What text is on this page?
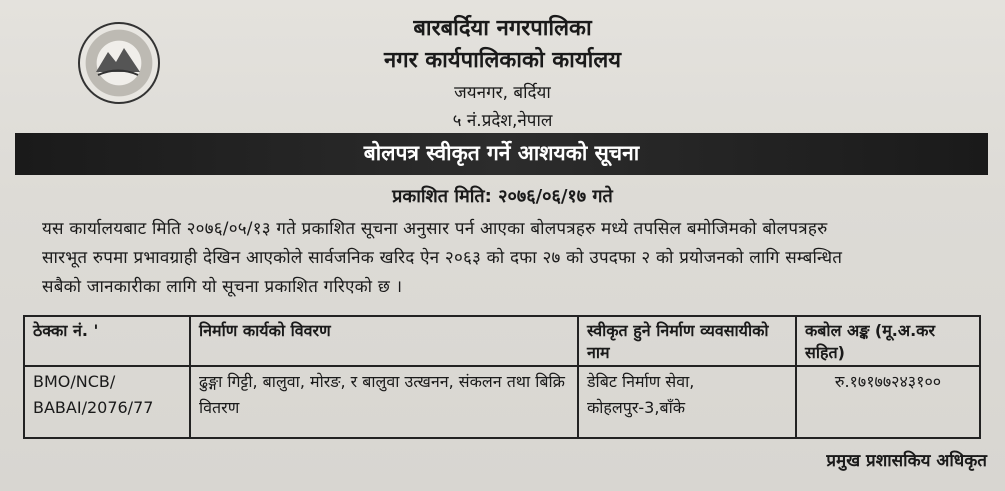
बारबर्दिया नगरपालिका
नगर कार्यपालिकाको कार्यालय
जयनगर, बर्दिया
५ नं.प्रदेश,नेपाल
बोलपत्र स्वीकृत गर्ने आशयको सूचना
प्रकाशित मिति: २०७६/०६/१७ गते
यस कार्यालयबाट मिति २०७६/०५/१३ गते प्रकाशित सूचना अनुसार पर्न आएका बोलपत्रहरु मध्ये तपसिल बमोजिमको बोलपत्रहरु
सारभूत रुपमा प्रभावग्राही देखिन आएकोले सार्वजनिक खरिद ऐन २०६३ को दफा २७ को उपदफा २ को प्रयोजनको लागि सम्बन्धित
सबैको जानकारीका लागि यो सूचना प्रकाशित गरिएको छ ।
ठेक्का नं. '	निर्माण कार्यको विवरण	स्वीकृत हुने निर्माण व्यवसायीको नाम	कबोल अङ्क (मू.अ.कर सहित)
BMO/NCB/ BABAI/2076/77	ढुङ्गा गिट्टी, बालुवा, मोरङ, र बालुवा उत्खनन, संकलन तथा बिक्रि वितरण	डेबिट निर्माण सेवा, कोहलपुर-3,बाँके	रु.१७१७७२४३१००
प्रमुख प्रशासकिय अधिकृत
